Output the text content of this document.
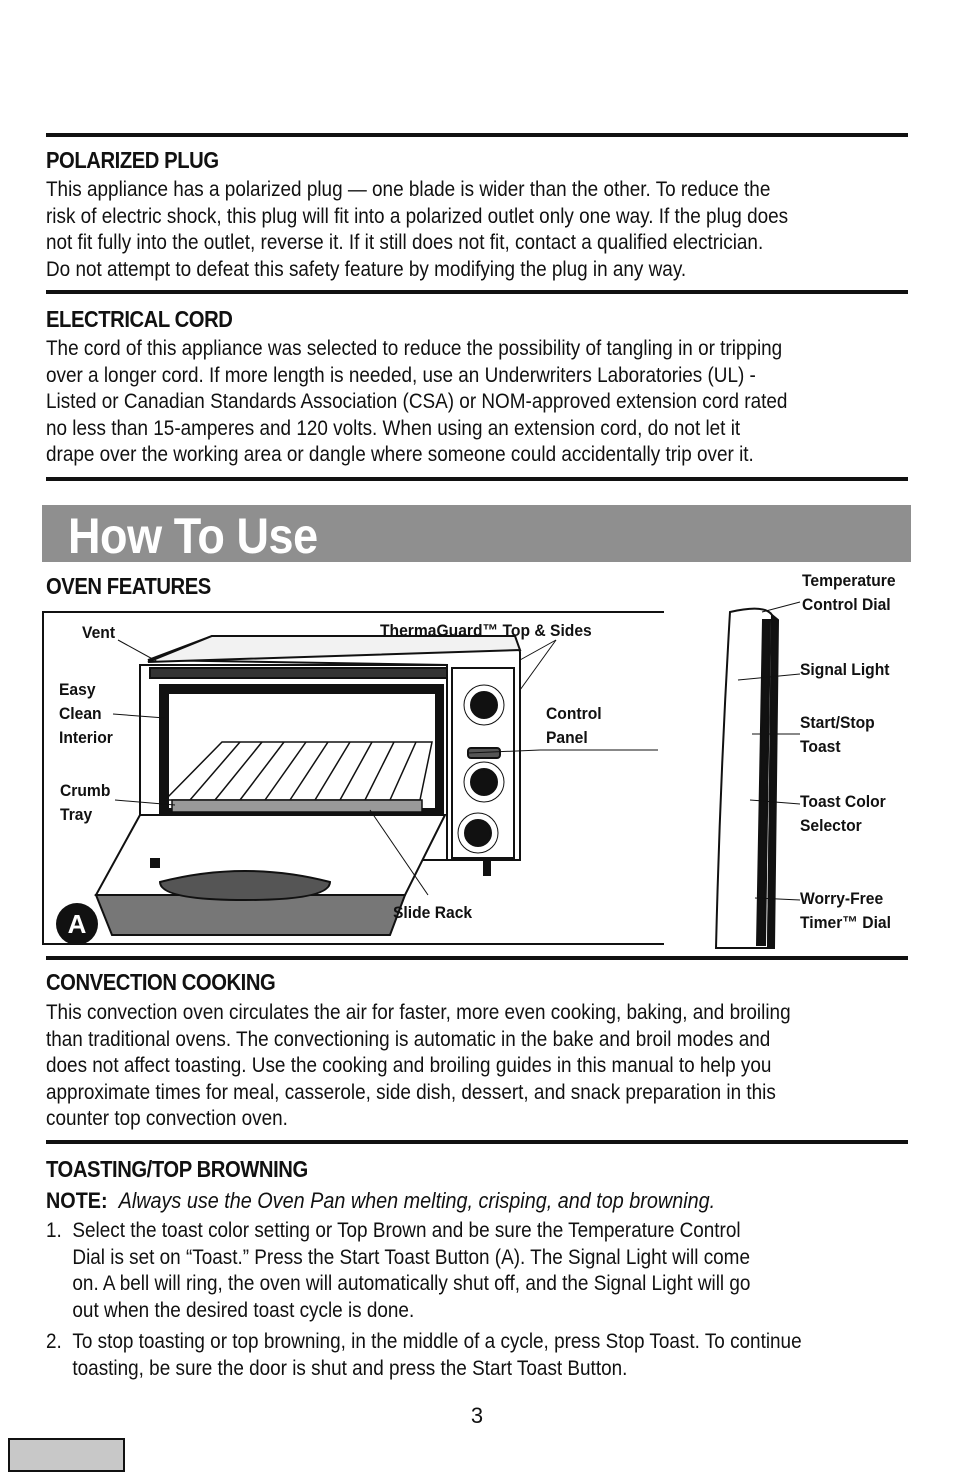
POLARIZED PLUG

This appliance has a polarized plug — one blade is wider than the other. To reduce the
risk of electric shock, this plug will fit into a polarized outlet only one way. If the plug does
not fit fully into the outlet, reverse it. If it still does not fit, contact a qualified electrician.
Do not attempt to defeat this safety feature by modifying the plug in any way.

ELECTRICAL CORD

The cord of this appliance was selected to reduce the possibility of tangling in or tripping
over a longer cord. If more length is needed, use an Underwriters Laboratories (UL) -
Listed or Canadian Standards Association (CSA) or NOM-approved extension cord rated
no less than 15-amperes and 120 volts. When using an extension cord, do not let it
drape over the working area or dangle where someone could accidentally trip over it.

How To Use
OVEN FEATURES
Vent	ThermaGuard™ Top & Sides
Easy
Clean
Interior
Control
Panel
Crumb
Tray
Slide Rack
Temperature
Control Dial
Signal Light
Start/Stop
Toast
Toast Color
Selector
Worry-Free
Timer™ Dial
A
CONVECTION COOKING

This convection oven circulates the air for faster, more even cooking, baking, and broiling
than traditional ovens. The convectioning is automatic in the bake and broil modes and
does not affect toasting. Use the cooking and broiling guides in this manual to help you
approximate times for meal, casserole, side dish, dessert, and snack preparation in this
counter top convection oven.

TOASTING/TOP BROWNING
NOTE: Always use the Oven Pan when melting, crisping, and top browning.
1. Select the toast color setting or Top Brown and be sure the Temperature Control
Dial is set on “Toast.” Press the Start Toast Button (A). The Signal Light will come
on. A bell will ring, the oven will automatically shut off, and the Signal Light will go
out when the desired toast cycle is done.
2. To stop toasting or top browning, in the middle of a cycle, press Stop Toast. To continue
toasting, be sure the door is shut and press the Start Toast Button.
3
